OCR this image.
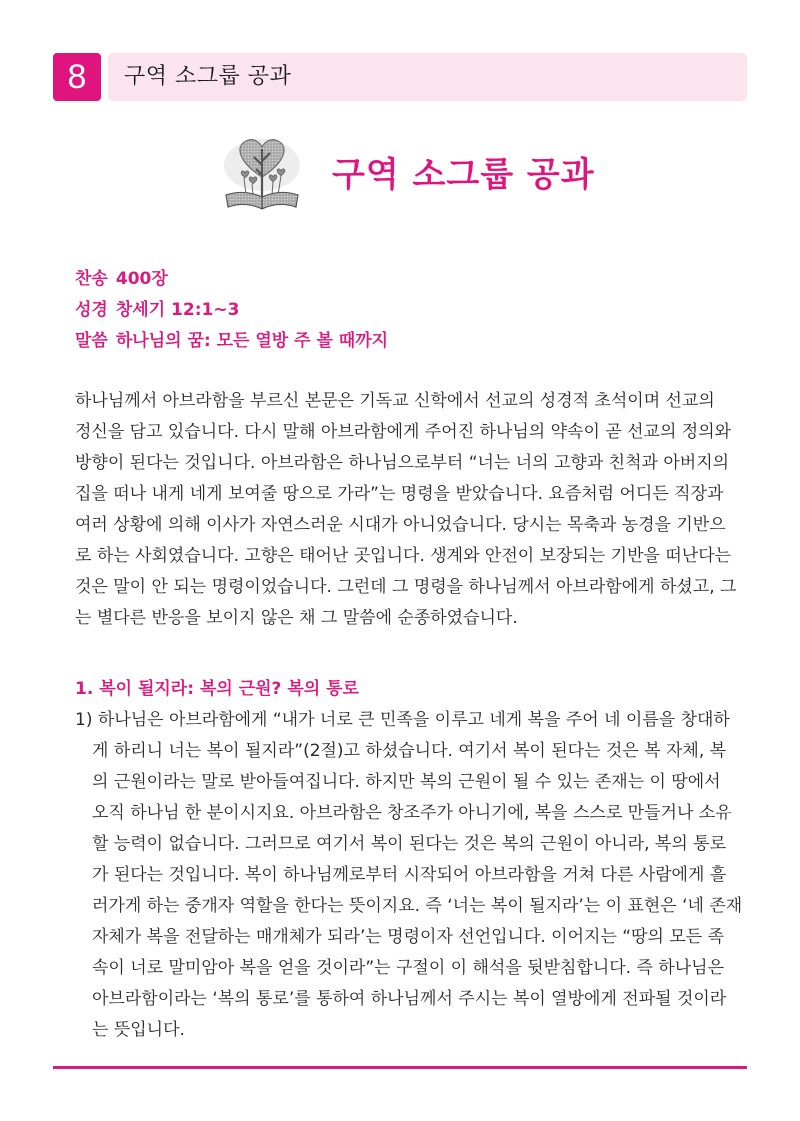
8	구역 소그룹 공과
구역 소그룹 공과
찬송 400장
성경 창세기 12:1~3
말씀 하나님의 꿈: 모든 열방 주 볼 때까지
하나님께서 아브라함을 부르신 본문은 기독교 신학에서 선교의 성경적 초석이며 선교의
정신을 담고 있습니다. 다시 말해 아브라함에게 주어진 하나님의 약속이 곧 선교의 정의와
방향이 된다는 것입니다. 아브라함은 하나님으로부터 “너는 너의 고향과 친척과 아버지의
집을 떠나 내게 네게 보여줄 땅으로 가라”는 명령을 받았습니다. 요즘처럼 어디든 직장과
여러 상황에 의해 이사가 자연스러운 시대가 아니었습니다. 당시는 목축과 농경을 기반으
로 하는 사회였습니다. 고향은 태어난 곳입니다. 생계와 안전이 보장되는 기반을 떠난다는
것은 말이 안 되는 명령이었습니다. 그런데 그 명령을 하나님께서 아브라함에게 하셨고, 그
는 별다른 반응을 보이지 않은 채 그 말씀에 순종하였습니다.
1. 복이 될지라: 복의 근원? 복의 통로
1) 하나님은 아브라함에게 “내가 너로 큰 민족을 이루고 네게 복을 주어 네 이름을 창대하
게 하리니 너는 복이 될지라”(2절)고 하셨습니다. 여기서 복이 된다는 것은 복 자체, 복
의 근원이라는 말로 받아들여집니다. 하지만 복의 근원이 될 수 있는 존재는 이 땅에서
오직 하나님 한 분이시지요. 아브라함은 창조주가 아니기에, 복을 스스로 만들거나 소유
할 능력이 없습니다. 그러므로 여기서 복이 된다는 것은 복의 근원이 아니라, 복의 통로
가 된다는 것입니다. 복이 하나님께로부터 시작되어 아브라함을 거쳐 다른 사람에게 흘
러가게 하는 중개자 역할을 한다는 뜻이지요. 즉 ‘너는 복이 될지라’는 이 표현은 ‘네 존재
자체가 복을 전달하는 매개체가 되라’는 명령이자 선언입니다. 이어지는 “땅의 모든 족
속이 너로 말미암아 복을 얻을 것이라”는 구절이 이 해석을 뒷받침합니다. 즉 하나님은
아브라함이라는 ‘복의 통로’를 통하여 하나님께서 주시는 복이 열방에게 전파될 것이라
는 뜻입니다.
